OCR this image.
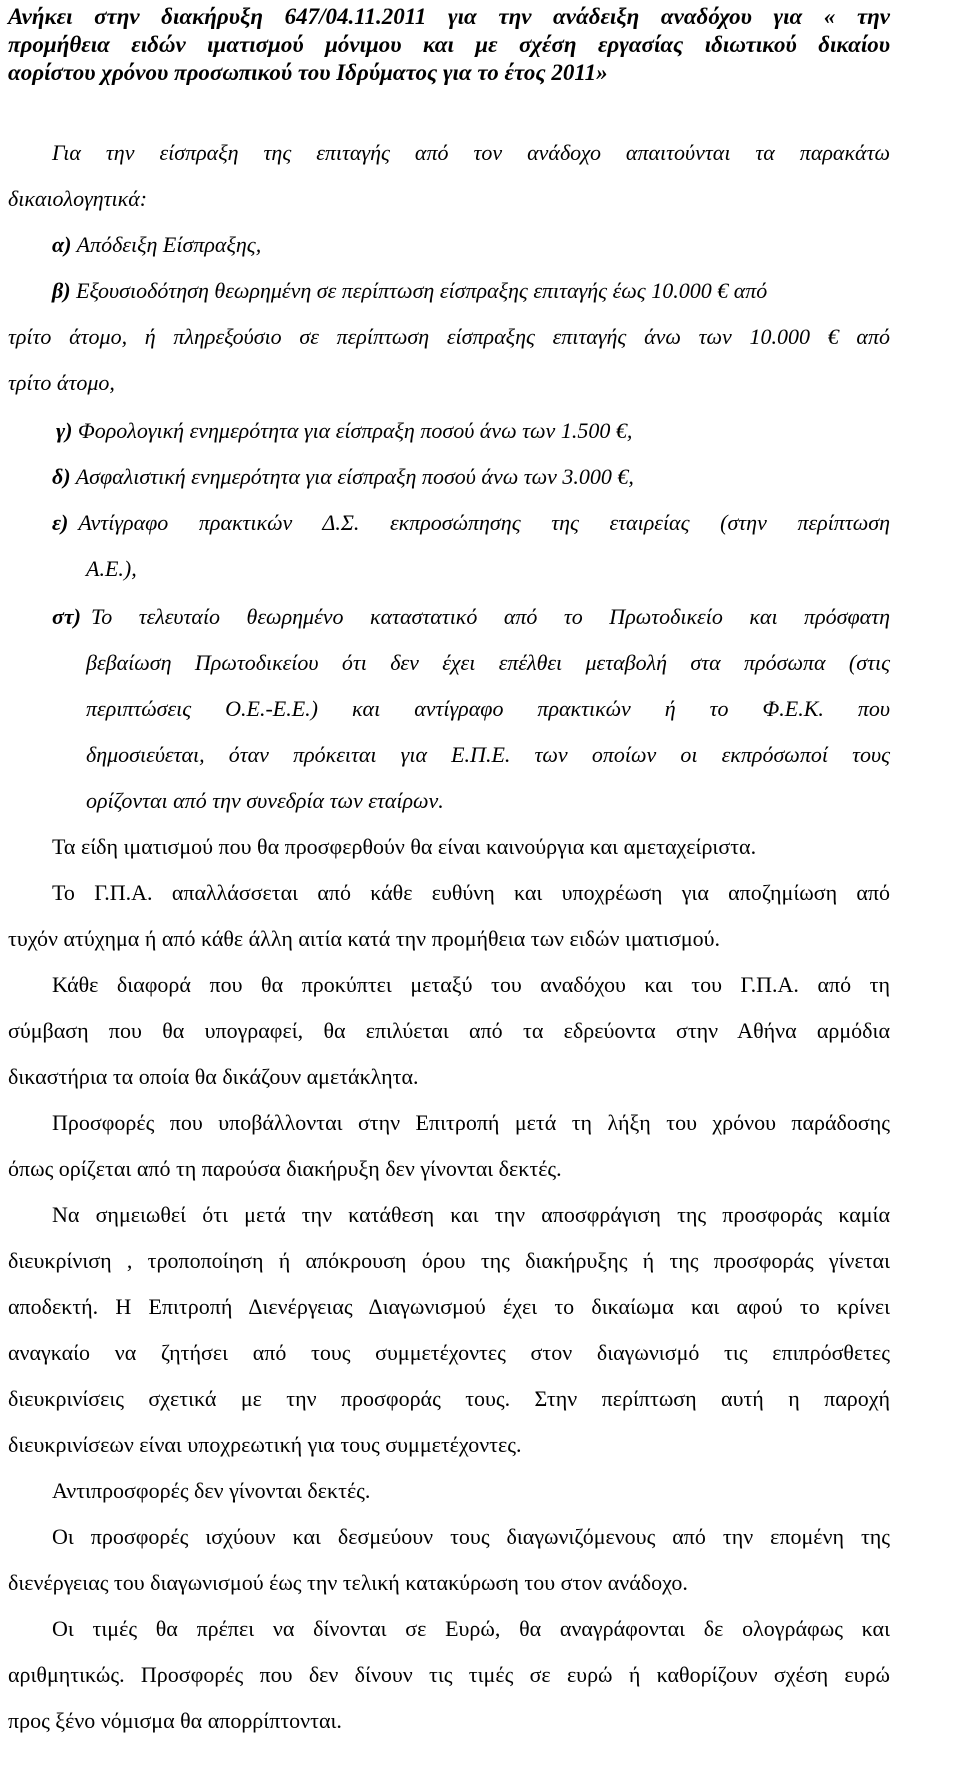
Ανήκει στην διακήρυξη 647/04.11.2011 για την ανάδειξη αναδόχου για « την
προμήθεια ειδών ιματισμού μόνιμου και με σχέση εργασίας ιδιωτικού δικαίου
αορίστου χρόνου προσωπικού του Ιδρύματος για το έτος 2011»
Για την είσπραξη της επιταγής από τον ανάδοχο απαιτούνται τα παρακάτω
δικαιολογητικά:
α) Απόδειξη Είσπραξης,
β) Εξουσιοδότηση θεωρημένη σε περίπτωση είσπραξης επιταγής έως 10.000 € από
τρίτο άτομο, ή πληρεξούσιο σε περίπτωση είσπραξης επιταγής άνω των 10.000 € από
τρίτο άτομο,
γ) Φορολογική ενημερότητα για είσπραξη ποσού άνω των 1.500 €,
δ) Ασφαλιστική ενημερότητα για είσπραξη ποσού άνω των 3.000 €,
ε) Αντίγραφο πρακτικών Δ.Σ. εκπροσώπησης της εταιρείας (στην περίπτωση
Α.Ε.),
στ) Το τελευταίο θεωρημένο καταστατικό από το Πρωτοδικείο και πρόσφατη
βεβαίωση Πρωτοδικείου ότι δεν έχει επέλθει μεταβολή στα πρόσωπα (στις
περιπτώσεις Ο.Ε.-Ε.Ε.) και αντίγραφο πρακτικών ή το Φ.Ε.Κ. που
δημοσιεύεται, όταν πρόκειται για Ε.Π.Ε. των οποίων οι εκπρόσωποί τους
ορίζονται από την συνεδρία των εταίρων.
Τα είδη ιματισμού που θα προσφερθούν θα είναι καινούργια και αμεταχείριστα.
Το Γ.Π.Α. απαλλάσσεται από κάθε ευθύνη και υποχρέωση για αποζημίωση από
τυχόν ατύχημα ή από κάθε άλλη αιτία κατά την προμήθεια των ειδών ιματισμού.
Κάθε διαφορά που θα προκύπτει μεταξύ του αναδόχου και του Γ.Π.Α. από τη
σύμβαση που θα υπογραφεί, θα επιλύεται από τα εδρεύοντα στην Αθήνα αρμόδια
δικαστήρια τα οποία θα δικάζουν αμετάκλητα.
Προσφορές που υποβάλλονται στην Επιτροπή μετά τη λήξη του χρόνου παράδοσης
όπως ορίζεται από τη παρούσα διακήρυξη δεν γίνονται δεκτές.
Να σημειωθεί ότι μετά την κατάθεση και την αποσφράγιση της προσφοράς καμία
διευκρίνιση , τροποποίηση ή απόκρουση όρου της διακήρυξης ή της προσφοράς γίνεται
αποδεκτή. Η Επιτροπή Διενέργειας Διαγωνισμού έχει το δικαίωμα και αφού το κρίνει
αναγκαίο να ζητήσει από τους συμμετέχοντες στον διαγωνισμό τις επιπρόσθετες
διευκρινίσεις σχετικά με την προσφοράς τους. Στην περίπτωση αυτή η παροχή
διευκρινίσεων είναι υποχρεωτική για τους συμμετέχοντες.
Αντιπροσφορές δεν γίνονται δεκτές.
Οι προσφορές ισχύουν και δεσμεύουν τους διαγωνιζόμενους από την επομένη της
διενέργειας του διαγωνισμού έως την τελική κατακύρωση του στον ανάδοχο.
Οι τιμές θα πρέπει να δίνονται σε Ευρώ, θα αναγράφονται δε ολογράφως και
αριθμητικώς. Προσφορές που δεν δίνουν τις τιμές σε ευρώ ή καθορίζουν σχέση ευρώ
προς ξένο νόμισμα θα απορρίπτονται.
